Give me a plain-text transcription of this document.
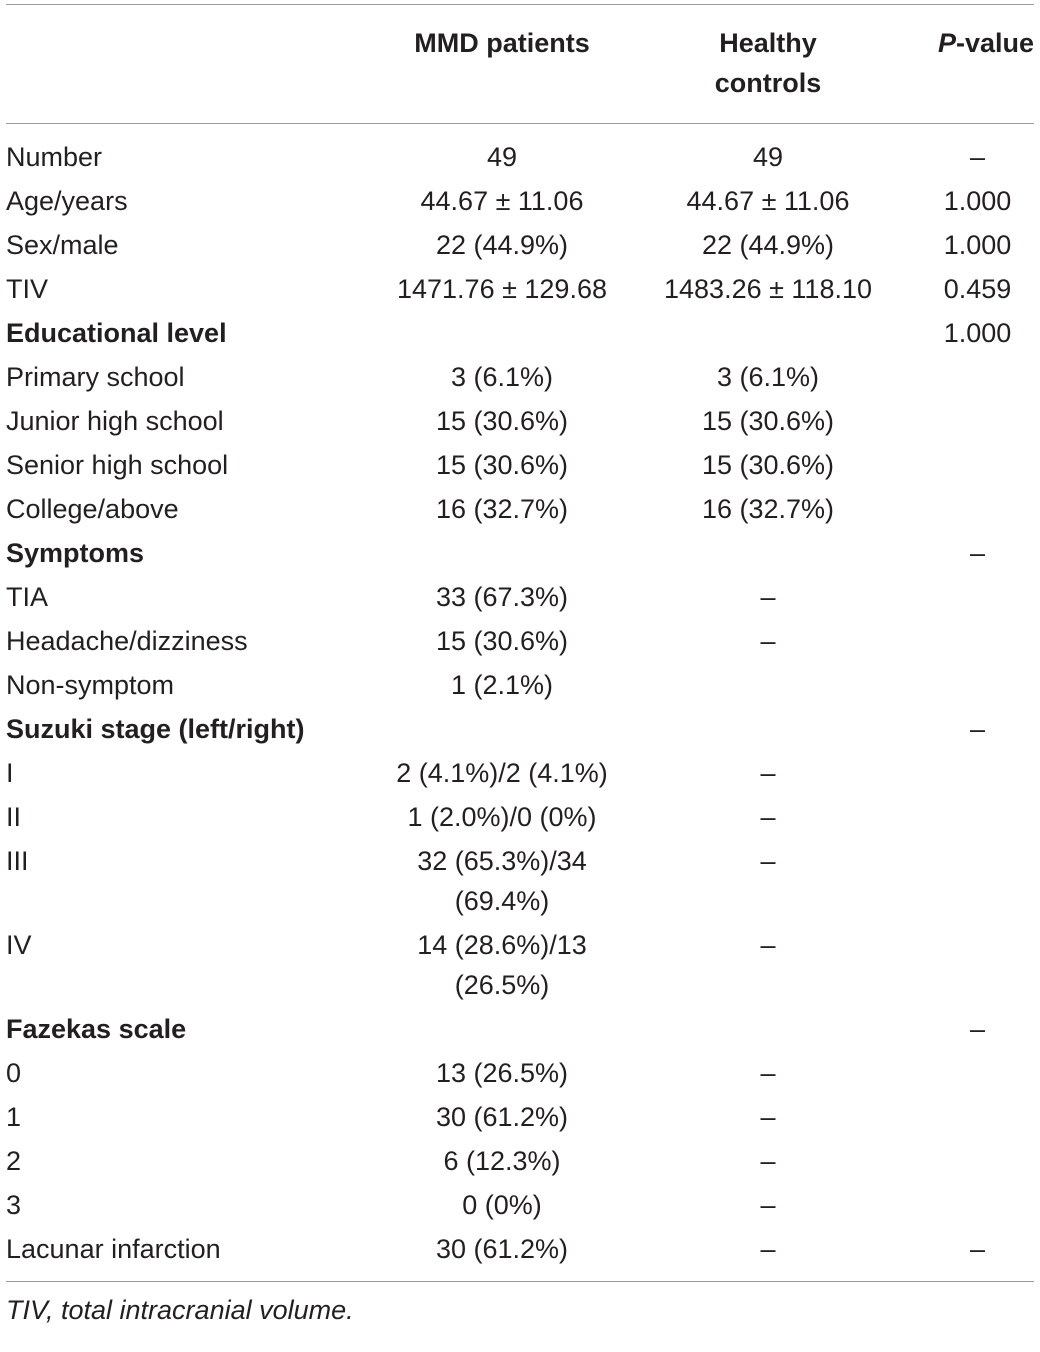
	MMD patients	Healthy controls	P-value
Number	49	49	–
Age/years	44.67 ± 11.06	44.67 ± 11.06	1.000
Sex/male	22 (44.9%)	22 (44.9%)	1.000
TIV	1471.76 ± 129.68	1483.26 ± 118.10	0.459
Educational level			1.000
Primary school	3 (6.1%)	3 (6.1%)	
Junior high school	15 (30.6%)	15 (30.6%)	
Senior high school	15 (30.6%)	15 (30.6%)	
College/above	16 (32.7%)	16 (32.7%)	
Symptoms			–
TIA	33 (67.3%)	–	
Headache/dizziness	15 (30.6%)	–	
Non-symptom	1 (2.1%)		
Suzuki stage (left/right)			–
I	2 (4.1%)/2 (4.1%)	–	
II	1 (2.0%)/0 (0%)	–	
III	32 (65.3%)/34 (69.4%)	–	
IV	14 (28.6%)/13 (26.5%)	–	
Fazekas scale			–
0	13 (26.5%)	–	
1	30 (61.2%)	–	
2	6 (12.3%)	–	
3	0 (0%)	–	
Lacunar infarction	30 (61.2%)	–	–
TIV, total intracranial volume.
